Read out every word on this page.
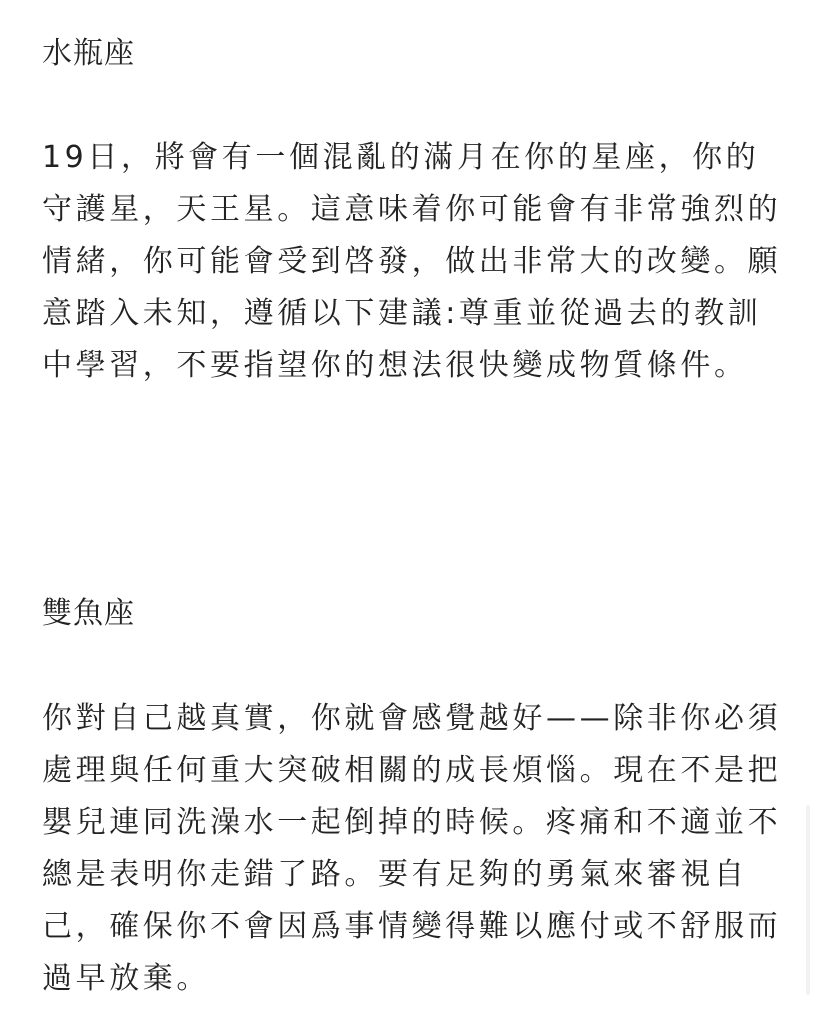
水瓶座

19日，將會有一個混亂的滿月在你的星座，你的守護星，天王星。這意味着你可能會有非常強烈的情緒，你可能會受到啓發，做出非常大的改變。願意踏入未知，遵循以下建議:尊重並從過去的教訓中學習，不要指望你的想法很快變成物質條件。

雙魚座

你對自己越真實，你就會感覺越好——除非你必須處理與任何重大突破相關的成長煩惱。現在不是把嬰兒連同洗澡水一起倒掉的時候。疼痛和不適並不總是表明你走錯了路。要有足夠的勇氣來審視自己，確保你不會因爲事情變得難以應付或不舒服而過早放棄。
